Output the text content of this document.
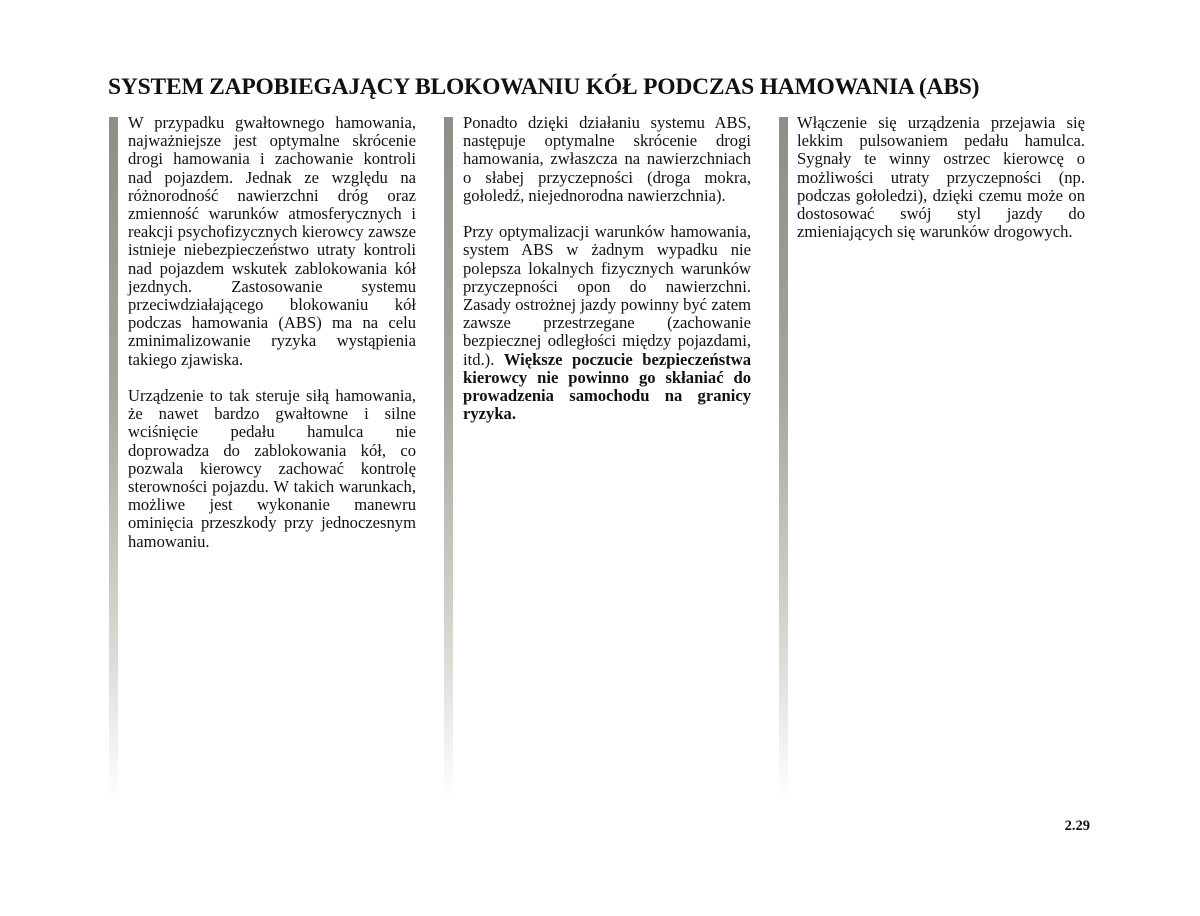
SYSTEM ZAPOBIEGAJĄCY BLOKOWANIU KÓŁ PODCZAS HAMOWANIA (ABS)

W przypadku gwałtownego hamowania, najważniejsze jest optymalne skrócenie drogi hamowania i zachowanie kontroli nad pojazdem. Jednak ze względu na różnorodność nawierzchni dróg oraz zmienność warunków atmosferycznych i reakcji psychofizycznych kierowcy zawsze istnieje niebezpieczeństwo utraty kontroli nad pojazdem wskutek zablokowania kół jezdnych. Zastosowanie systemu przeciwdziałającego blokowaniu kół podczas hamowania (ABS) ma na celu zminimalizowanie ryzyka wystąpienia takiego zjawiska.

Urządzenie to tak steruje siłą hamowania, że nawet bardzo gwałtowne i silne wciśnięcie pedału hamulca nie doprowadza do zablokowania kół, co pozwala kierowcy zachować kontrolę sterowności pojazdu. W takich warunkach, możliwe jest wykonanie manewru ominięcia przeszkody przy jednoczesnym hamowaniu.

Ponadto dzięki działaniu systemu ABS, następuje optymalne skrócenie drogi hamowania, zwłaszcza na nawierzchniach o słabej przyczepności (droga mokra, gołoledź, niejednorodna nawierzchnia).

Przy optymalizacji warunków hamowania, system ABS w żadnym wypadku nie polepsza lokalnych fizycznych warunków przyczepności opon do nawierzchni. Zasady ostrożnej jazdy powinny być zatem zawsze przestrzegane (zachowanie bezpiecznej odległości między pojazdami, itd.). Większe poczucie bezpieczeństwa kierowcy nie powinno go skłaniać do prowadzenia samochodu na granicy ryzyka.

Włączenie się urządzenia przejawia się lekkim pulsowaniem pedału hamulca. Sygnały te winny ostrzec kierowcę o możliwości utraty przyczepności (np. podczas gołoledzi), dzięki czemu może on dostosować swój styl jazdy do zmieniających się warunków drogowych.

2.29
